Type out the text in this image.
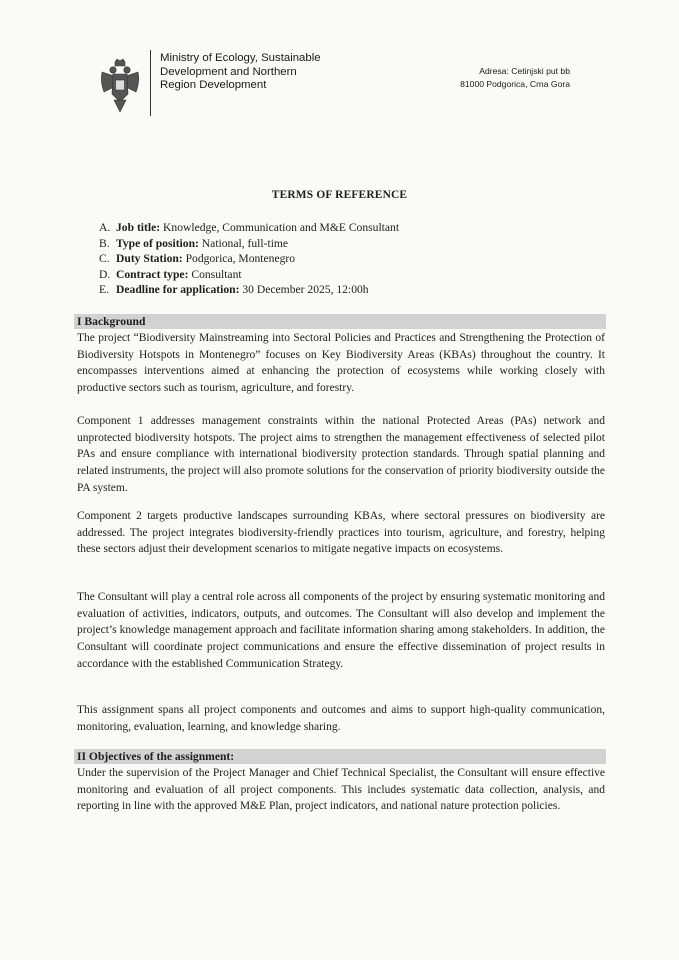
Ministry of Ecology, Sustainable
Development and Northern
Region Development
Adresa: Cetinjski put bb
81000 Podgorica, Crna Gora
TERMS OF REFERENCE
A. Job title: Knowledge, Communication and M&E Consultant
B. Type of position: National, full-time
C. Duty Station: Podgorica, Montenegro
D. Contract type: Consultant
E. Deadline for application: 30 December 2025, 12:00h
I Background

The project “Biodiversity Mainstreaming into Sectoral Policies and Practices and Strengthening the Protection of Biodiversity Hotspots in Montenegro” focuses on Key Biodiversity Areas (KBAs) throughout the country. It encompasses interventions aimed at enhancing the protection of ecosystems while working closely with productive sectors such as tourism, agriculture, and forestry.

Component 1 addresses management constraints within the national Protected Areas (PAs) network and unprotected biodiversity hotspots. The project aims to strengthen the management effectiveness of selected pilot PAs and ensure compliance with international biodiversity protection standards. Through spatial planning and related instruments, the project will also promote solutions for the conservation of priority biodiversity outside the PA system.

Component 2 targets productive landscapes surrounding KBAs, where sectoral pressures on biodiversity are addressed. The project integrates biodiversity-friendly practices into tourism, agriculture, and forestry, helping these sectors adjust their development scenarios to mitigate negative impacts on ecosystems.

The Consultant will play a central role across all components of the project by ensuring systematic monitoring and evaluation of activities, indicators, outputs, and outcomes. The Consultant will also develop and implement the project’s knowledge management approach and facilitate information sharing among stakeholders. In addition, the Consultant will coordinate project communications and ensure the effective dissemination of project results in accordance with the established Communication Strategy.

This assignment spans all project components and outcomes and aims to support high-quality communication, monitoring, evaluation, learning, and knowledge sharing.

II Objectives of the assignment:

Under the supervision of the Project Manager and Chief Technical Specialist, the Consultant will ensure effective monitoring and evaluation of all project components. This includes systematic data collection, analysis, and reporting in line with the approved M&E Plan, project indicators, and national nature protection policies.
